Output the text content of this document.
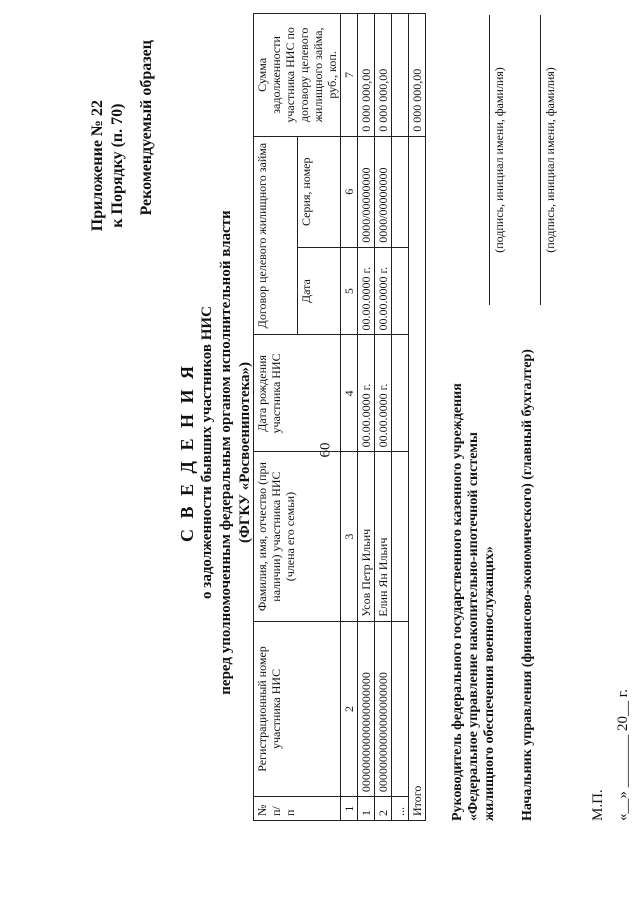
60
Приложение № 22 к Порядку (п. 70) Рекомендуемый образец
С В Е Д Е Н И Я о задолженности бывших участников НИС перед уполномоченным федеральным органом исполнительной власти (ФГКУ «Росвоенипотека»)
№ п/п	Регистрационный номер участника НИС	Фамилия, имя, отчество (при наличии) участника НИС (члена его семьи)	Дата рождения участника НИС	Договор целевого жилищного займа		Сумма задолженности участника НИС по договору целевого жилищного займа, руб., коп.
				Дата	Серия, номер	
1	2	3	4	5	6	7
1	00000000000000000000	Усов Петр Ильич	00.00.0000 г.	00.00.0000 г.	0000/00000000	0 000 000,00
2	00000000000000000000	Елин Ян Ильич	00.00.0000 г.	00.00.0000 г.	0000/00000000	0 000 000,00
...						
Итого						0 000 000,00
Руководитель федерального государственного казенного учреждения «Федеральное управление накопительно-ипотечной системы жилищного обеспечения военнослужащих» Начальник управления (финансово-экономического) (главный бухгалтер)
(подпись, инициал имени, фамилия)	(подпись, инициал имени, фамилия)
М.П. «__» _______ 20__ г.
